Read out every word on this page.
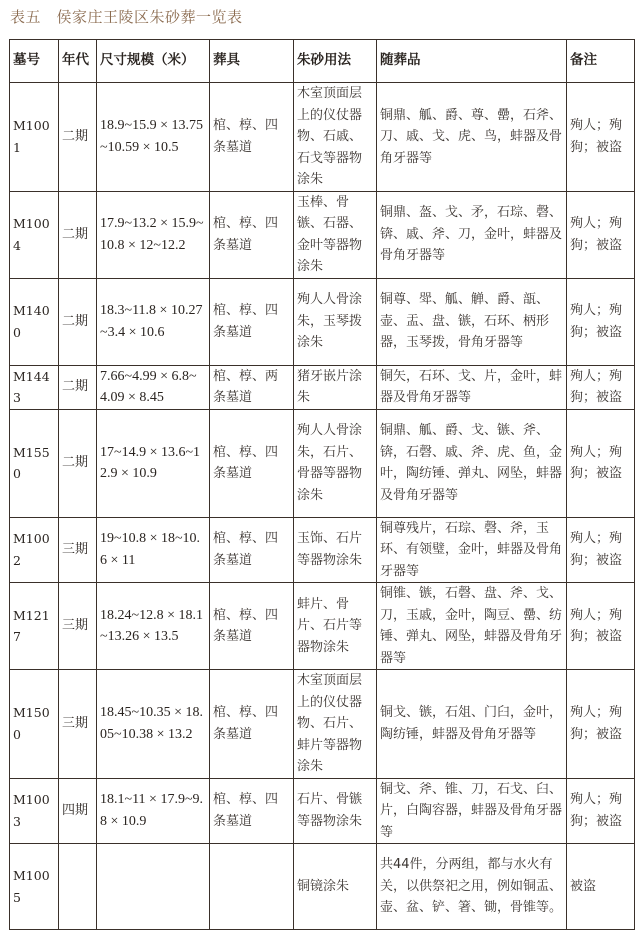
表五　侯家庄王陵区朱砂葬一览表
墓号	年代	尺寸规模（米）	葬具	朱砂用法	随葬品	备注
M1001	二期	18.9~15.9 × 13.75~10.59 × 10.5	棺、椁、四条墓道	木室顶面层上的仪仗器物、石戚、石戈等器物涂朱	铜鼎、觚、爵、尊、罍，石斧、刀、戚、戈、虎、鸟，蚌器及骨角牙器等	殉人；殉狗；被盗
M1004	二期	17.9~13.2 × 15.9~10.8 × 12~12.2	棺、椁、四条墓道	玉棒、骨镞、石器、金叶等器物涂朱	铜鼎、盔、戈、矛，石琮、磬、锛、戚、斧、刀，金叶，蚌器及骨角牙器等	殉人；殉狗；被盗
M1400	二期	18.3~11.8 × 10.27~3.4 × 10.6	棺、椁、四条墓道	殉人人骨涂朱，玉琴拨涂朱	铜尊、斝、觚、觯、爵、瓿、壶、盂、盘、镞，石环、柄形器，玉琴拨，骨角牙器等	殉人；殉狗；被盗
M1443	二期	7.66~4.99 × 6.8~4.09 × 8.45	棺、椁、两条墓道	猪牙嵌片涂朱	铜矢，石环、戈、片，金叶，蚌器及骨角牙器等	殉人；殉狗；被盗
M1550	二期	17~14.9 × 13.6~12.9 × 10.9	棺、椁、四条墓道	殉人人骨涂朱，石片、骨器等器物涂朱	铜鼎、觚、爵、戈、镞、斧、锛，石磬、戚、斧、虎、鱼，金叶，陶纺锤、弹丸、网坠，蚌器及骨角牙器等	殉人；殉狗；被盗
M1002	三期	19~10.8 × 18~10.6 × 11	棺、椁、四条墓道	玉饰、石片等器物涂朱	铜尊残片，石琮、磬、斧，玉环、有领璧，金叶，蚌器及骨角牙器等	殉人；殉狗；被盗
M1217	三期	18.24~12.8 × 18.1~13.26 × 13.5	棺、椁、四条墓道	蚌片、骨片、石片等器物涂朱	铜锥、镞，石磬、盘、斧、戈、刀，玉戚，金叶，陶豆、罍、纺锤、弹丸、网坠，蚌器及骨角牙器等	殉人；殉狗；被盗
M1500	三期	18.45~10.35 × 18.05~10.38 × 13.2	棺、椁、四条墓道	木室顶面层上的仪仗器物、石片、蚌片等器物涂朱	铜戈、镞，石俎、门臼，金叶，陶纺锤，蚌器及骨角牙器等	殉人；殉狗；被盗
M1003	四期	18.1~11 × 17.9~9.8 × 10.9	棺、椁、四条墓道	石片、骨镞等器物涂朱	铜戈、斧、锥、刀，石戈、臼、片，白陶容器，蚌器及骨角牙器等	殉人；殉狗；被盗
M1005				铜镜涂朱	共44件，分两组，都与水火有关，以供祭祀之用，例如铜盂、壶、盆、铲、箸、锄，骨锥等。	被盗
